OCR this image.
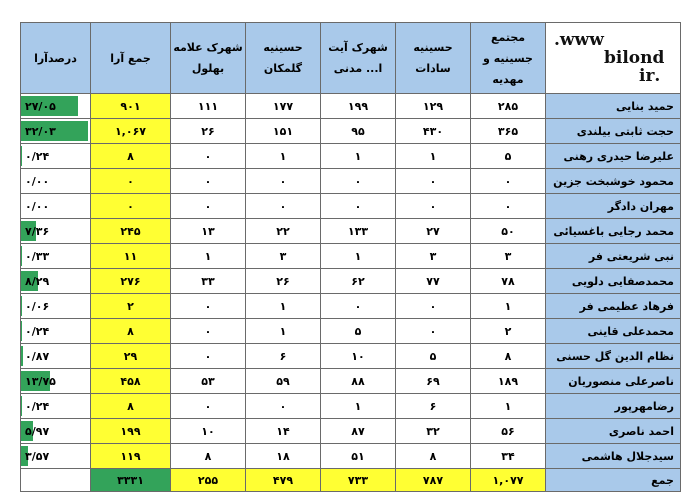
www.
bilond
.ir	مجتمع جسینیه و مهدیه	حسینیه سادات	شهرک آیت ا... مدنی	حسینیه گلمکان	شهرک علامه بهلول	جمع آرا	درصدآرا
حمید بنایی	۲۸۵	۱۲۹	۱۹۹	۱۷۷	۱۱۱	۹۰۱	۲۷/۰۵
حجت ثابتی بیلندی	۳۶۵	۴۳۰	۹۵	۱۵۱	۲۶	۱,۰۶۷	۳۲/۰۳
علیرضا حیدری رهنی	۵	۱	۱	۱	۰	۸	۰/۲۴
محمود خوشبخت جزین	۰	۰	۰	۰	۰	۰	۰/۰۰
مهران دادگر	۰	۰	۰	۰	۰	۰	۰/۰۰
محمد رجایی باغسیائی	۵۰	۲۷	۱۳۳	۲۲	۱۳	۲۴۵	۷/۳۶
نبی شریعتی فر	۳	۳	۱	۳	۱	۱۱	۰/۳۳
محمدصفایی دلویی	۷۸	۷۷	۶۲	۲۶	۳۳	۲۷۶	۸/۲۹
فرهاد عظیمی فر	۱	۰	۰	۱	۰	۲	۰/۰۶
محمدعلی قاینی	۲	۰	۵	۱	۰	۸	۰/۲۴
نظام الدین گل حسنی	۸	۵	۱۰	۶	۰	۲۹	۰/۸۷
ناصرعلی منصوریان	۱۸۹	۶۹	۸۸	۵۹	۵۳	۴۵۸	۱۳/۷۵
رضامهرپور	۱	۶	۱	۰	۰	۸	۰/۲۴
احمد ناصری	۵۶	۳۲	۸۷	۱۴	۱۰	۱۹۹	۵/۹۷
سیدجلال هاشمی	۳۴	۸	۵۱	۱۸	۸	۱۱۹	۳/۵۷
جمع	۱,۰۷۷	۷۸۷	۷۳۳	۴۷۹	۲۵۵	۳۳۳۱	
